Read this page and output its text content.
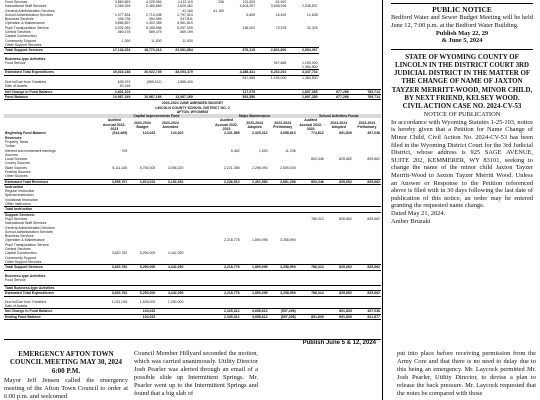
Fund Services	3,860,663	4,025,554	4,113,119	236	131,620	61,997			
Instructional Staff Services	2,369,326	2,489,869	2,629,462		4,603,907	3,638,934	2,538,537		
General Administration Services			41,160	41,160					
School Administration Services	2,377,834	2,713,438	2,797,324		6,609	16,492	12,638		
Business Services	436,735	394,959	547,811						
Operation & Maintenance	3,865,897	4,302,355	5,951,819						
Pupil Transportation Service	4,332,053	5,185,966	5,097,009		136,002	73,378	32,325		
Central Services	569,478	589,479	569,199						
Capital Construction									
Community Support	1,390	11,500	11,930						
Other Support Services									
Total Support Services	17,134,224	18,770,213	20,061,884		676,215	2,601,800	2,654,097		

Business-type Activities									
Food Service						947,665	1,150,000		
							1,384,500		
Estimated Total Expenditures	40,616,246	40,922,749	46,053,479		4,486,441	6,232,201	4,347,734		
					947,665	1,150,000	1,384,500		
Due to/Due from Transfers	635,974	(989,412)	1,858,400						
Sale of Assets	53,166								
Net Change in Fund Balance	1,601,101				117,075		1,697,285	677,266	789,714
Fund Balance	10,967,169	10,967,169	13,967,169		891,550		1,697,285	677,266	789,714
2023-2024 JUNE AMENDED BUDGET
LINCOLN COUNTY SCHOOL DISTRICT NO. 2
AFTON, WYOMING
	Capital Improvements Fund				Major Maintenance			School Activities Funds		
	Audited Accrual 2022-2023	2023-2024 Budget	2023-2024 Amended		Audited Accrual 2022-2023	2023-2024 Adopted	2023-2024 Preliminary	Audited Accrual 2022-2023	2023-2024 Adopted	2023-2024 Preliminary
Beginning Fund Balance	(513,469)	124,022	124,022		2,321,989	2,325,312	3,658,613	774,812	691,839	497,038
Revenues										
Property Taxes										
Tuition										
Interest and investment earnings	705				5,462	1,500	11,236			
Sources										
Local Sources								800,346	825,652	825,662
County Sources										
State Sources	5,111,026	5,750,000	3,098,220		2,221,358	2,296,090	2,505,030			
Federal Sources										
Other Sources										
Estimated Total Revenues	4,599,767	4,874,022	3,192,292		2,226,510	2,391,580	2,661,296	800,346	825,652	825,662
Instruction										
Regular Instruction										
Special Instruction										
Vocational Instruction										
Other Instruction										
Total Instruction										
Support Services:										
Pupil Services								786,313	825,652	825,662
Instructional Staff Services										
General Administration Services										
School Administration Services										
Business Services										
Operation & Maintenance					2,218,778	1,890,095	3,258,590			
Pupil Transportation Service										
Central Services										
Capital Construction	3,820,782	5,250,000	4,442,290							
Community Support										
Other Support Services										
Total Support Services	3,820,782	5,250,000	4,442,290		2,218,778	1,890,095	3,258,590	786,313	825,652	825,662

Business-type Activities										
Food Service										

Total Business-type Activities										
Estimated Total Expenditures	3,820,782	5,250,000	4,442,290		2,218,778	1,890,095	3,258,590	786,313	825,652	825,662

Due to/Due from Transfers	1,021,015	1,536,000	1,250,000							
Sale of Assets										
Net Change in Fund Balance		104,022			2,325,312	3,658,613	(597,296)		891,839	497,038
Ending Fund Balance		104,022			2,325,312	3,658,613	(597,296)	891,839	691,839	921,877
Publish June 5 & 12, 2024
PUBLIC NOTICE
Bedford Water and Sewer Budget Meeting will be held June 12, 7:00 p.m. at the Bedford Water Building.
Publish May 22, 29
& June 5, 2024
STATE OF WYOMING COUNTY OF LINCOLN IN THE DISTRICT COURT 3RD JUDICIAL DISTRICT IN THE MATTER OF THE CHANGE OF NAME OF JAXTON TAYZER MERRITT-WOOD, MINOR CHILD, BY NEXT FRIEND, KELSEY WOOD.
CIVIL ACTION CASE NO. 2024-CV-53
NOTICE OF PUBLICATION
In accordance with Wyoming Statutes 1-25-103, notice is hereby given that a Petition for Name Change of Minor Child, Civil Action No. 2024-CV-53 has been filed in the Wyoming District Court for the 3rd Judicial District, whose address is 925 SAGE AVENUE, SUITE 202, KEMMERER, WY 83101, seeking to change the name of the minor child Jaxton Tayzer Merritt-Wood to Jaxton Tayzer Merritt Wood. Unless an Answer or Response to the Petition referenced above is filed with in 30 days following the last date of publication of this notice, an order may be entered granting the requested name change.
Dated May 21, 2024.
Amber Bruzaki
EMERGENCY AFTON TOWN COUNCIL MEETING MAY 30, 2024 6:00 P.M.
Mayor Jeff Jensen called the emergency meeting of the Afton Town Council to order at 6:00 p.m. and welcomed
Council Member Hillyard seconded the motion, which was carried unanimously. Utility Director Josh Pearler was alerted through an email of a possible slide up Intermittent Springs. Mr. Pearler went up to the Intermittent Springs and found that a big slab of
put into place before receiving permission from the Army Core and that there is no need to delay due to this being an emergency. Mr. Laycock permitted Mr. Josh Pearler, Utility Director, to devise a plan to release the back pressure. Mr. Laycock requested that the notes be compared with those
